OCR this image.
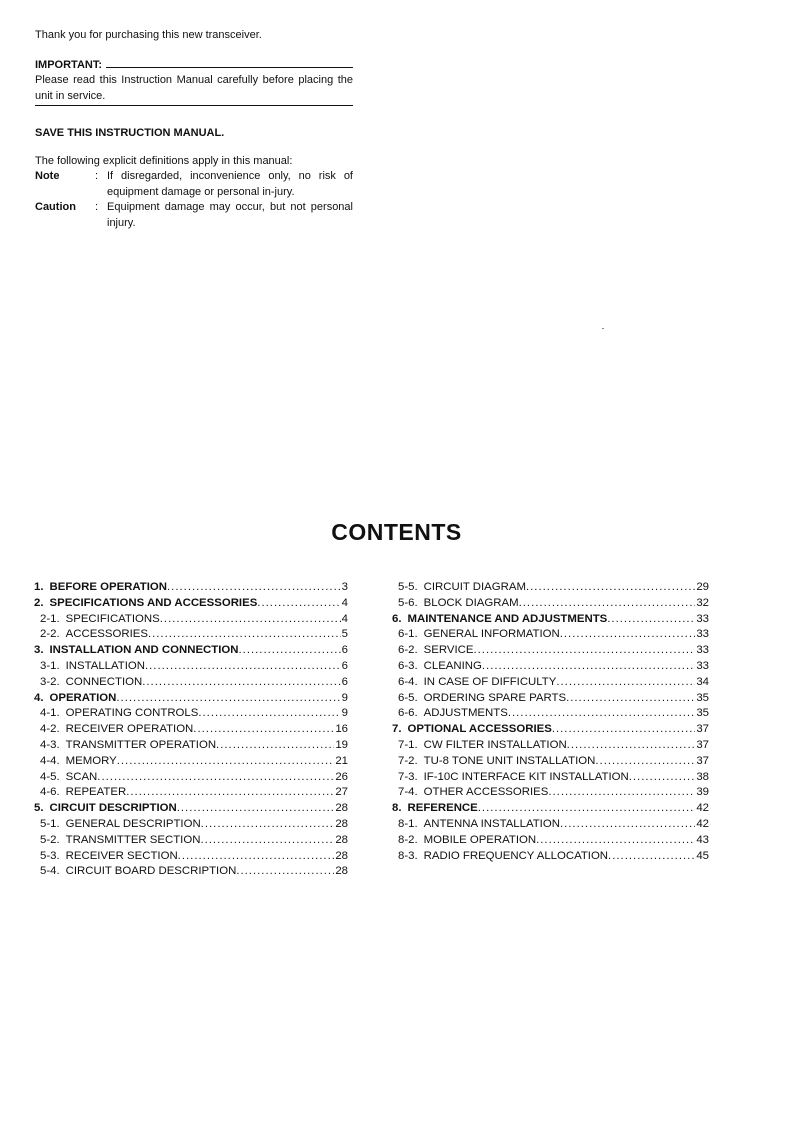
Thank you for purchasing this new transceiver.

IMPORTANT:

Please read this Instruction Manual carefully before placing the unit in service.

SAVE THIS INSTRUCTION MANUAL.

The following explicit definitions apply in this manual:

Note	: If disregarded, inconvenience only, no risk of equipment damage or personal in-jury.
Caution	: Equipment damage may occur, but not personal injury.
CONTENTS
1. BEFORE OPERATION .....	3
2. SPECIFICATIONS AND ACCESSORIES .....	4
2-1. SPECIFICATIONS .....	4
2-2. ACCESSORIES .....	5
3. INSTALLATION AND CONNECTION .....	6
3-1. INSTALLATION .....	6
3-2. CONNECTION .....	6
4. OPERATION .....	9
4-1. OPERATING CONTROLS .....	9
4-2. RECEIVER OPERATION .....	16
4-3. TRANSMITTER OPERATION .....	19
4-4. MEMORY .....	21
4-5. SCAN .....	26
4-6. REPEATER .....	27
5. CIRCUIT DESCRIPTION .....	28
5-1. GENERAL DESCRIPTION .....	28
5-2. TRANSMITTER SECTION .....	28
5-3. RECEIVER SECTION .....	28
5-4. CIRCUIT BOARD DESCRIPTION .....	28
5-5. CIRCUIT DIAGRAM .....	29
5-6. BLOCK DIAGRAM .....	32
6. MAINTENANCE AND ADJUSTMENTS .....	33
6-1. GENERAL INFORMATION .....	33
6-2. SERVICE .....	33
6-3. CLEANING .....	33
6-4. IN CASE OF DIFFICULTY .....	34
6-5. ORDERING SPARE PARTS .....	35
6-6. ADJUSTMENTS .....	35
7. OPTIONAL ACCESSORIES .....	37
7-1. CW FILTER INSTALLATION .....	37
7-2. TU-8 TONE UNIT INSTALLATION .....	37
7-3. IF-10C INTERFACE KIT INSTALLATION .....	38
7-4. OTHER ACCESSORIES .....	39
8. REFERENCE .....	42
8-1. ANTENNA INSTALLATION .....	42
8-2. MOBILE OPERATION .....	43
8-3. RADIO FREQUENCY ALLOCATION .....	45
